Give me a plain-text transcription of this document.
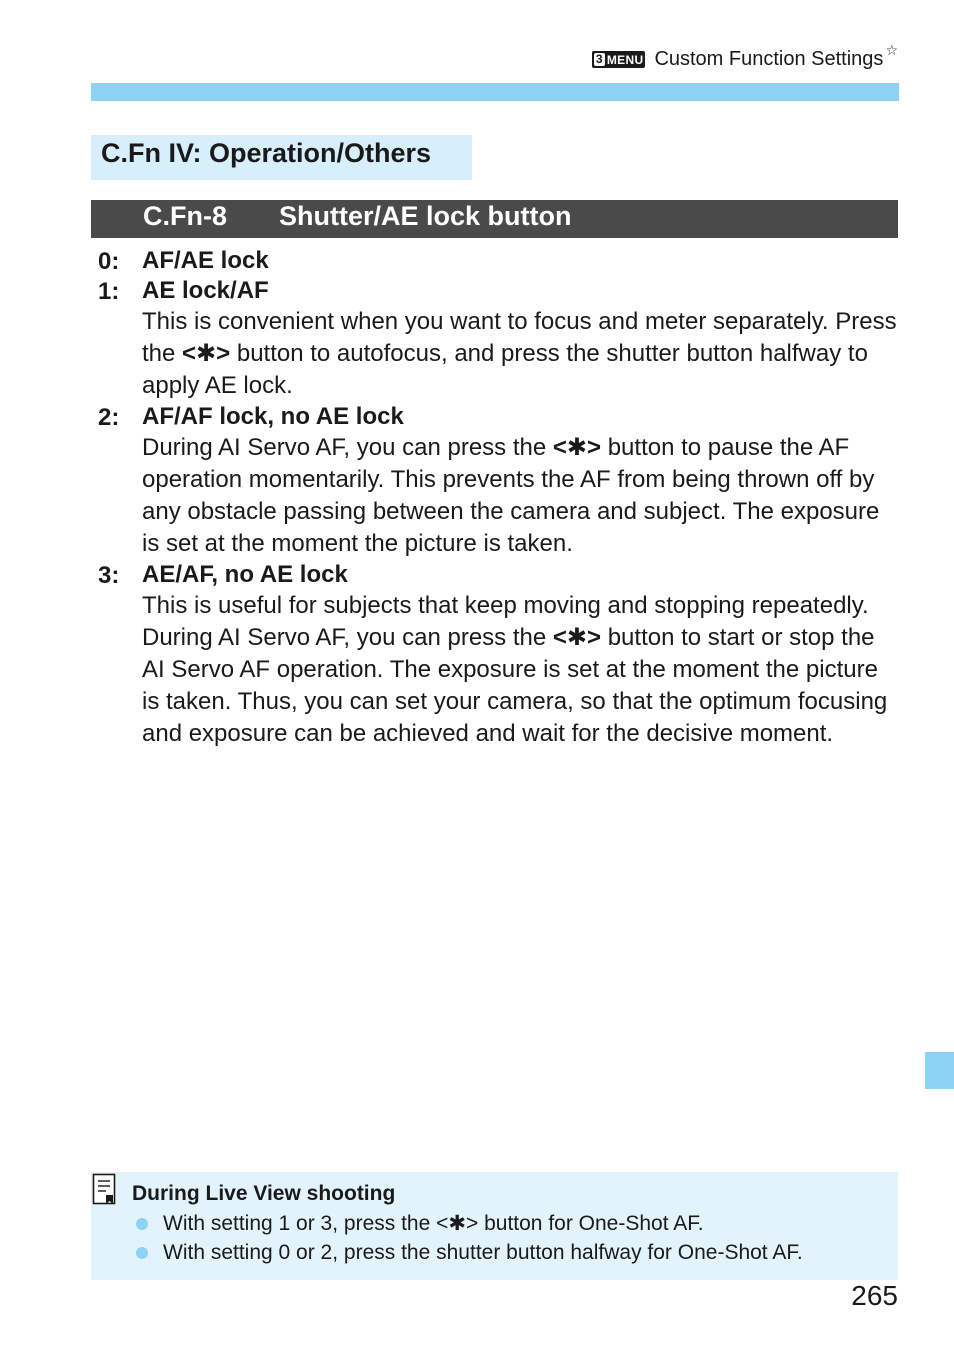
3 MENU Custom Function Settings ☆
C.Fn IV: Operation/Others
C.Fn-8 Shutter/AE lock button
0: AF/AE lock
1: AE lock/AF
This is convenient when you want to focus and meter separately. Press the <✱> button to autofocus, and press the shutter button halfway to apply AE lock.
2: AF/AF lock, no AE lock
During AI Servo AF, you can press the <✱> button to pause the AF operation momentarily. This prevents the AF from being thrown off by any obstacle passing between the camera and subject. The exposure is set at the moment the picture is taken.
3: AE/AF, no AE lock
This is useful for subjects that keep moving and stopping repeatedly. During AI Servo AF, you can press the <✱> button to start or stop the AI Servo AF operation. The exposure is set at the moment the picture is taken. Thus, you can set your camera, so that the optimum focusing and exposure can be achieved and wait for the decisive moment.
During Live View shooting
With setting 1 or 3, press the <✱> button for One-Shot AF.
With setting 0 or 2, press the shutter button halfway for One-Shot AF.
265
